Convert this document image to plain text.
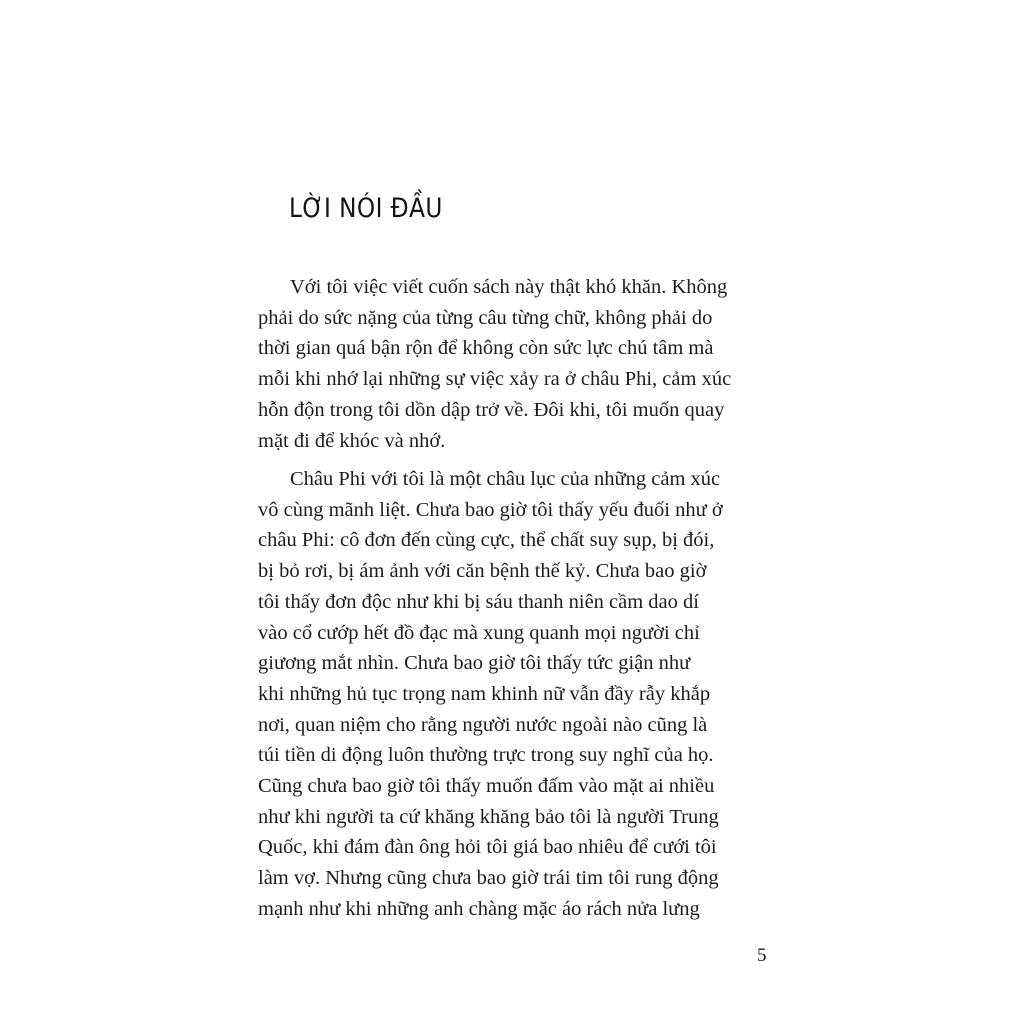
LỜI NÓI ĐẦU

Với tôi việc viết cuốn sách này thật khó khăn. Không
phải do sức nặng của từng câu từng chữ, không phải do
thời gian quá bận rộn để không còn sức lực chú tâm mà
mỗi khi nhớ lại những sự việc xảy ra ở châu Phi, cảm xúc
hỗn độn trong tôi dồn dập trở về. Đôi khi, tôi muốn quay
mặt đi để khóc và nhớ.

Châu Phi với tôi là một châu lục của những cảm xúc
vô cùng mãnh liệt. Chưa bao giờ tôi thấy yếu đuối như ở
châu Phi: cô đơn đến cùng cực, thể chất suy sụp, bị đói,
bị bỏ rơi, bị ám ảnh với căn bệnh thế kỷ. Chưa bao giờ
tôi thấy đơn độc như khi bị sáu thanh niên cầm dao dí
vào cổ cướp hết đồ đạc mà xung quanh mọi người chỉ
giương mắt nhìn. Chưa bao giờ tôi thấy tức giận như
khi những hủ tục trọng nam khinh nữ vẫn đầy rẫy khắp
nơi, quan niệm cho rằng người nước ngoài nào cũng là
túi tiền di động luôn thường trực trong suy nghĩ của họ.
Cũng chưa bao giờ tôi thấy muốn đấm vào mặt ai nhiều
như khi người ta cứ khăng khăng bảo tôi là người Trung
Quốc, khi đám đàn ông hỏi tôi giá bao nhiêu để cưới tôi
làm vợ. Nhưng cũng chưa bao giờ trái tim tôi rung động
mạnh như khi những anh chàng mặc áo rách nửa lưng

5
